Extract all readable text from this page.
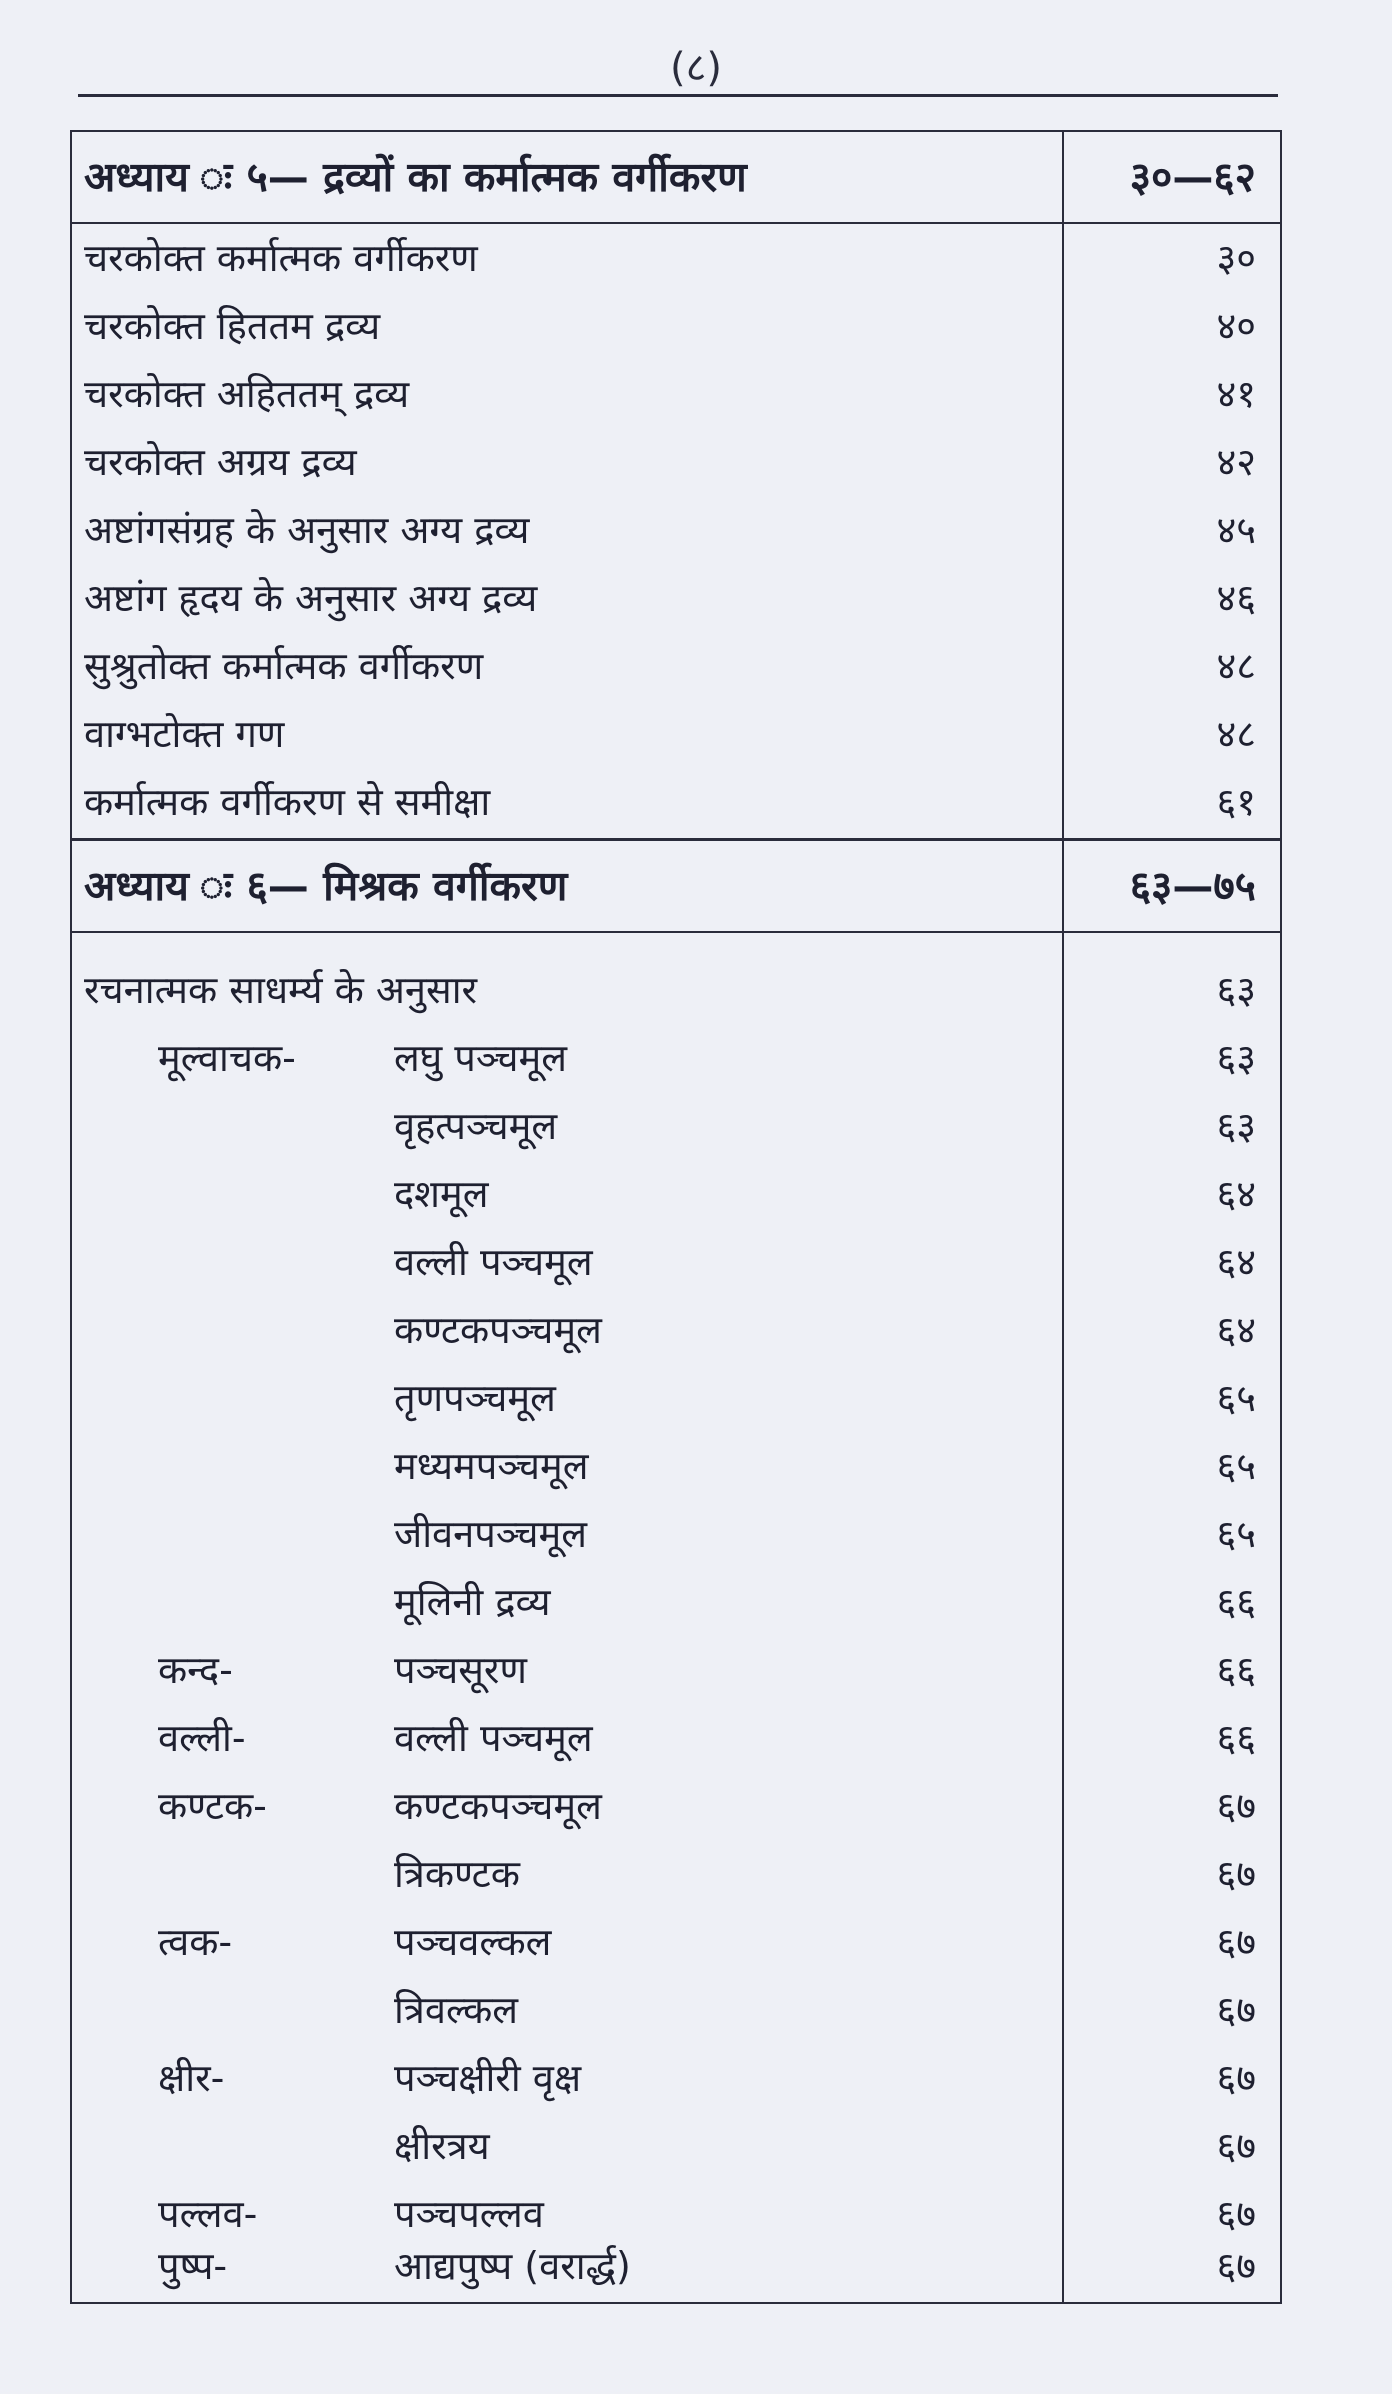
(८)
अध्याय ः ५— द्रव्यों का कर्मात्मक वर्गीकरण	३०—६२
चरकोक्त कर्मात्मक वर्गीकरण	३०
चरकोक्त हिततम द्रव्य	४०
चरकोक्त अहिततम् द्रव्य	४१
चरकोक्त अग्रय द्रव्य	४२
अष्टांगसंग्रह के अनुसार अग्य द्रव्य	४५
अष्टांग हृदय के अनुसार अग्य द्रव्य	४६
सुश्रुतोक्त कर्मात्मक वर्गीकरण	४८
वाग्भटोक्त गण	४८
कर्मात्मक वर्गीकरण से समीक्षा	६१
अध्याय ः ६— मिश्रक वर्गीकरण	६३—७५
रचनात्मक साधर्म्य के अनुसार	६३
मूल्वाचक-	लघु पञ्चमूल	६३
वृहत्पञ्चमूल	६३
दशमूल	६४
वल्ली पञ्चमूल	६४
कण्टकपञ्चमूल	६४
तृणपञ्चमूल	६५
मध्यमपञ्चमूल	६५
जीवनपञ्चमूल	६५
मूलिनी द्रव्य	६६
कन्द-	पञ्चसूरण	६६
वल्ली-	वल्ली पञ्चमूल	६६
कण्टक-	कण्टकपञ्चमूल	६७
त्रिकण्टक	६७
त्वक-	पञ्चवल्कल	६७
त्रिवल्कल	६७
क्षीर-	पञ्चक्षीरी वृक्ष	६७
क्षीरत्रय	६७
पल्लव-	पञ्चपल्लव	६७
पुष्प-	आद्यपुष्प (वरार्द्ध)	६७
